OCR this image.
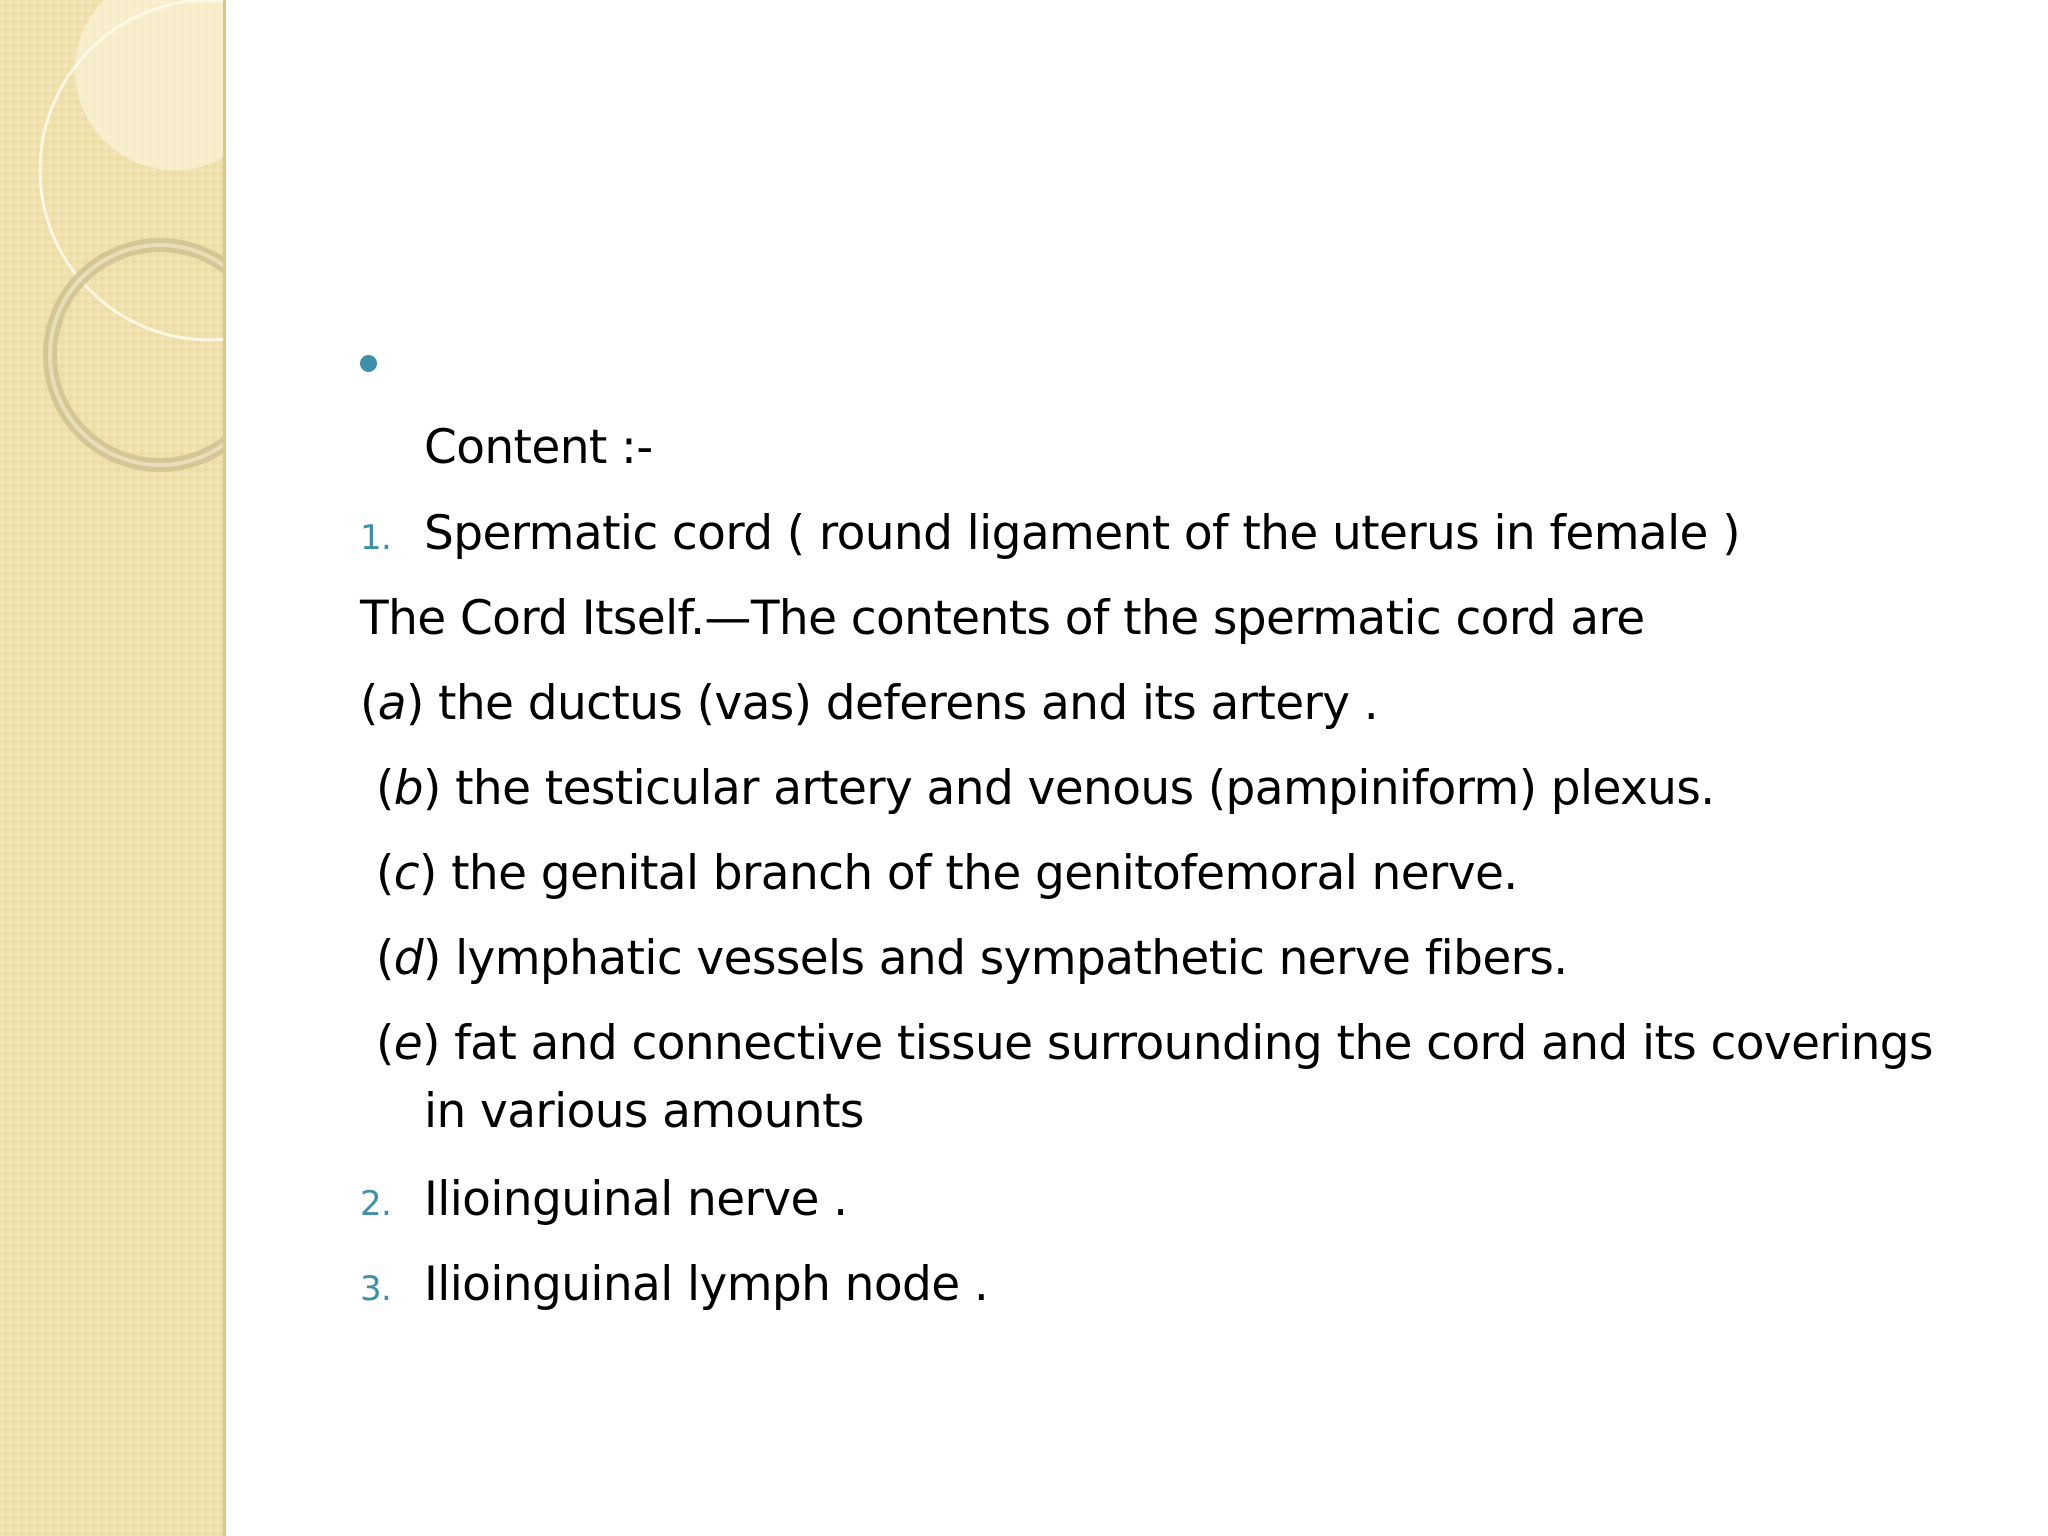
Content :-
1. Spermatic cord ( round ligament of the uterus in female )
The Cord Itself.—The contents of the spermatic cord are
(a) the ductus (vas) deferens and its artery .
(b) the testicular artery and venous (pampiniform) plexus.
(c) the genital branch of the genitofemoral nerve.
(d) lymphatic vessels and sympathetic nerve fibers.
(e) fat and connective tissue surrounding the cord and its coverings
in various amounts
2. Ilioinguinal nerve .
3. Ilioinguinal lymph node .
